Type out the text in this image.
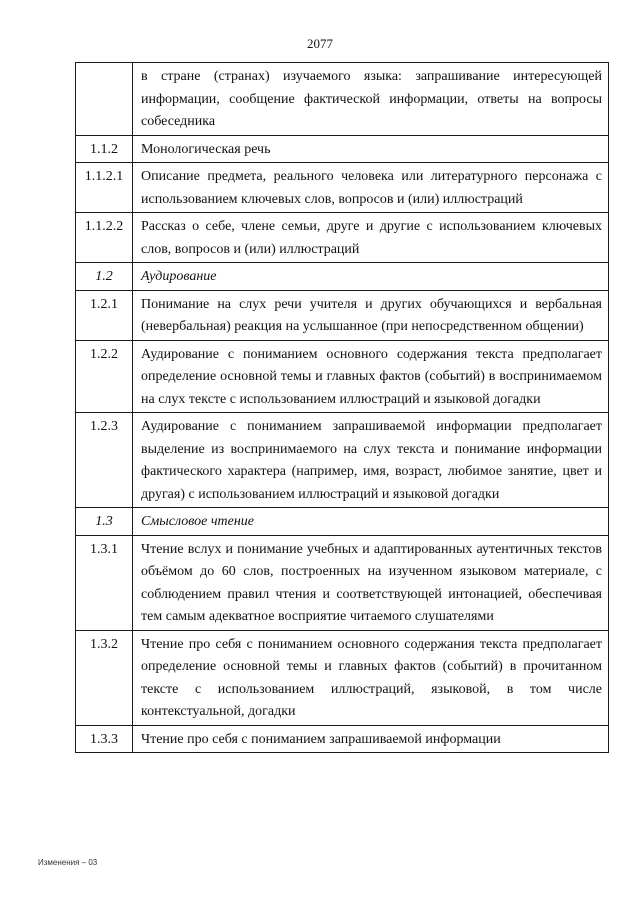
2077
	в стране (странах) изучаемого языка: запрашивание интересующей информации, сообщение фактической информации, ответы на вопросы собеседника
1.1.2	Монологическая речь
1.1.2.1	Описание предмета, реального человека или литературного персонажа с использованием ключевых слов, вопросов и (или) иллюстраций
1.1.2.2	Рассказ о себе, члене семьи, друге и другие с использованием ключевых слов, вопросов и (или) иллюстраций
1.2	Аудирование
1.2.1	Понимание на слух речи учителя и других обучающихся и вербальная (невербальная) реакция на услышанное (при непосредственном общении)
1.2.2	Аудирование с пониманием основного содержания текста предполагает определение основной темы и главных фактов (событий) в воспринимаемом на слух тексте с использованием иллюстраций и языковой догадки
1.2.3	Аудирование с пониманием запрашиваемой информации предполагает выделение из воспринимаемого на слух текста и понимание информации фактического характера (например, имя, возраст, любимое занятие, цвет и другая) с использованием иллюстраций и языковой догадки
1.3	Смысловое чтение
1.3.1	Чтение вслух и понимание учебных и адаптированных аутентичных текстов объёмом до 60 слов, построенных на изученном языковом материале, с соблюдением правил чтения и соответствующей интонацией, обеспечивая тем самым адекватное восприятие читаемого слушателями
1.3.2	Чтение про себя с пониманием основного содержания текста предполагает определение основной темы и главных фактов (событий) в прочитанном тексте с использованием иллюстраций, языковой, в том числе контекстуальной, догадки
1.3.3	Чтение про себя с пониманием запрашиваемой информации
Изменения – 03
